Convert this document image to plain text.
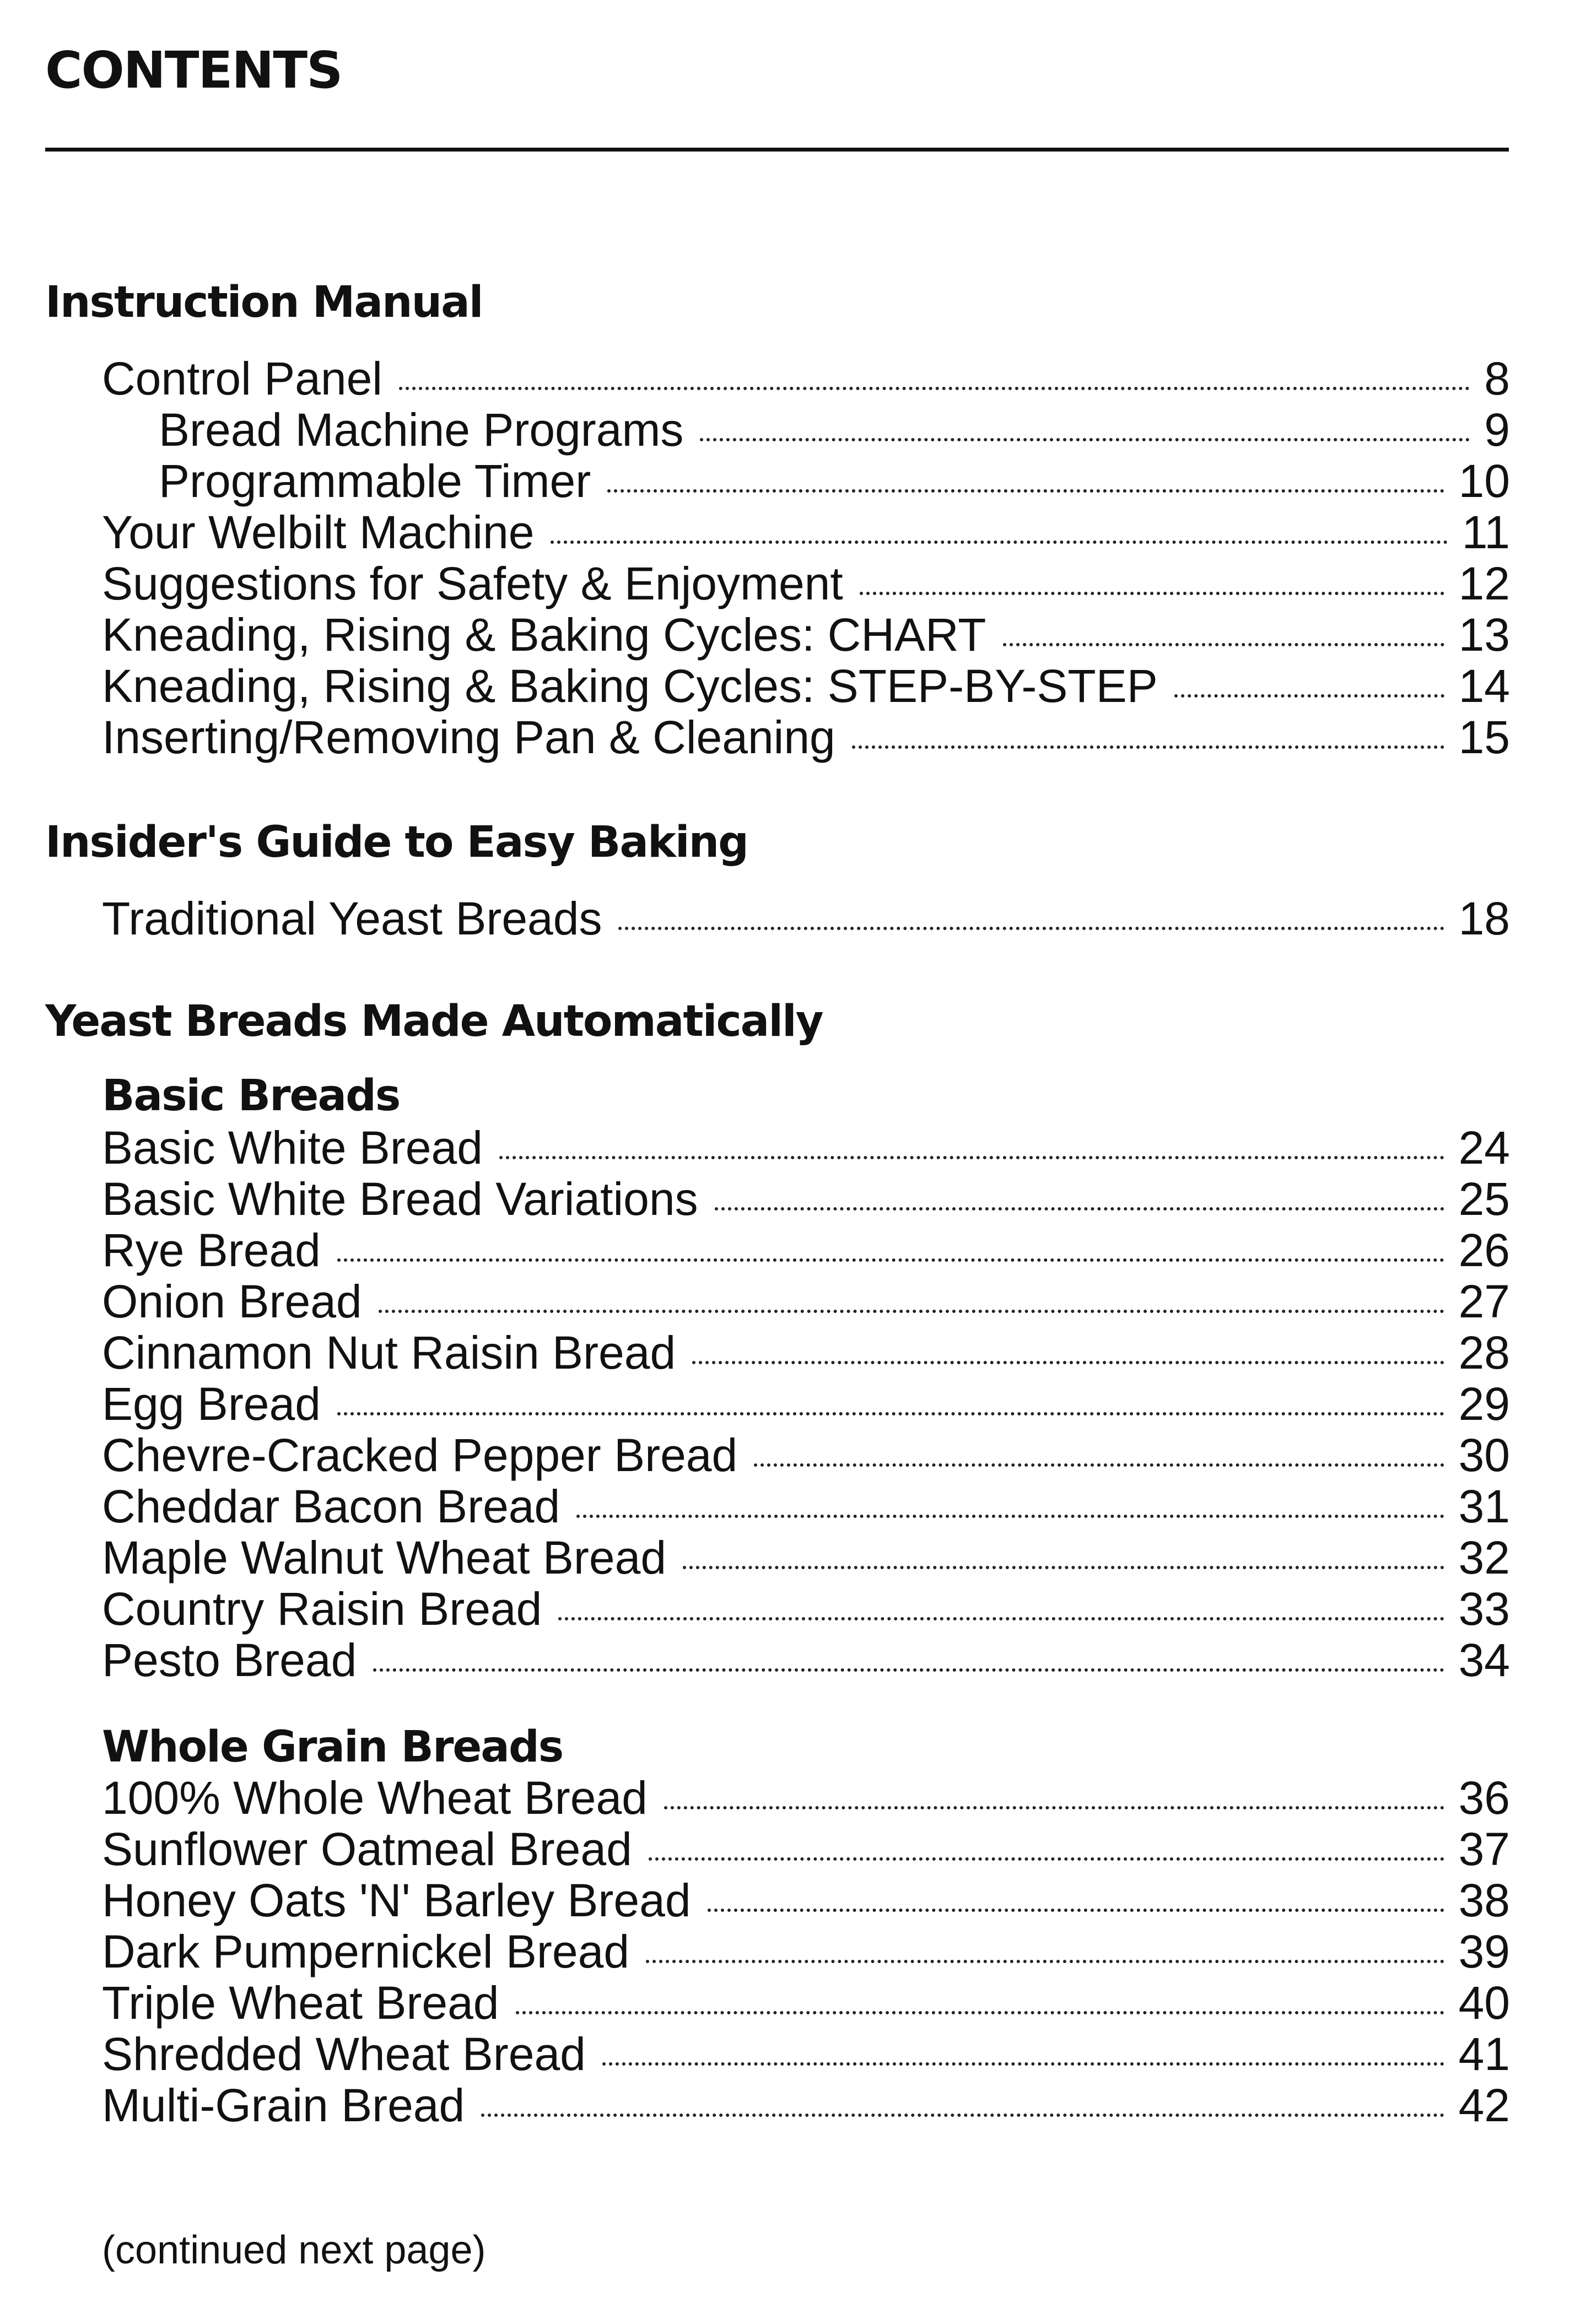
CONTENTS
Instruction Manual
Control Panel	8
Bread Machine Programs	9
Programmable Timer	10
Your Welbilt Machine	11
Suggestions for Safety & Enjoyment	12
Kneading, Rising & Baking Cycles: CHART	13
Kneading, Rising & Baking Cycles: STEP-BY-STEP	14
Inserting/Removing Pan & Cleaning	15
Insider's Guide to Easy Baking
Traditional Yeast Breads	18
Yeast Breads Made Automatically
Basic Breads
Basic White Bread	24
Basic White Bread Variations	25
Rye Bread	26
Onion Bread	27
Cinnamon Nut Raisin Bread	28
Egg Bread	29
Chevre-Cracked Pepper Bread	30
Cheddar Bacon Bread	31
Maple Walnut Wheat Bread	32
Country Raisin Bread	33
Pesto Bread	34
Whole Grain Breads
100% Whole Wheat Bread	36
Sunflower Oatmeal Bread	37
Honey Oats 'N' Barley Bread	38
Dark Pumpernickel Bread	39
Triple Wheat Bread	40
Shredded Wheat Bread	41
Multi-Grain Bread	42
(continued next page)
